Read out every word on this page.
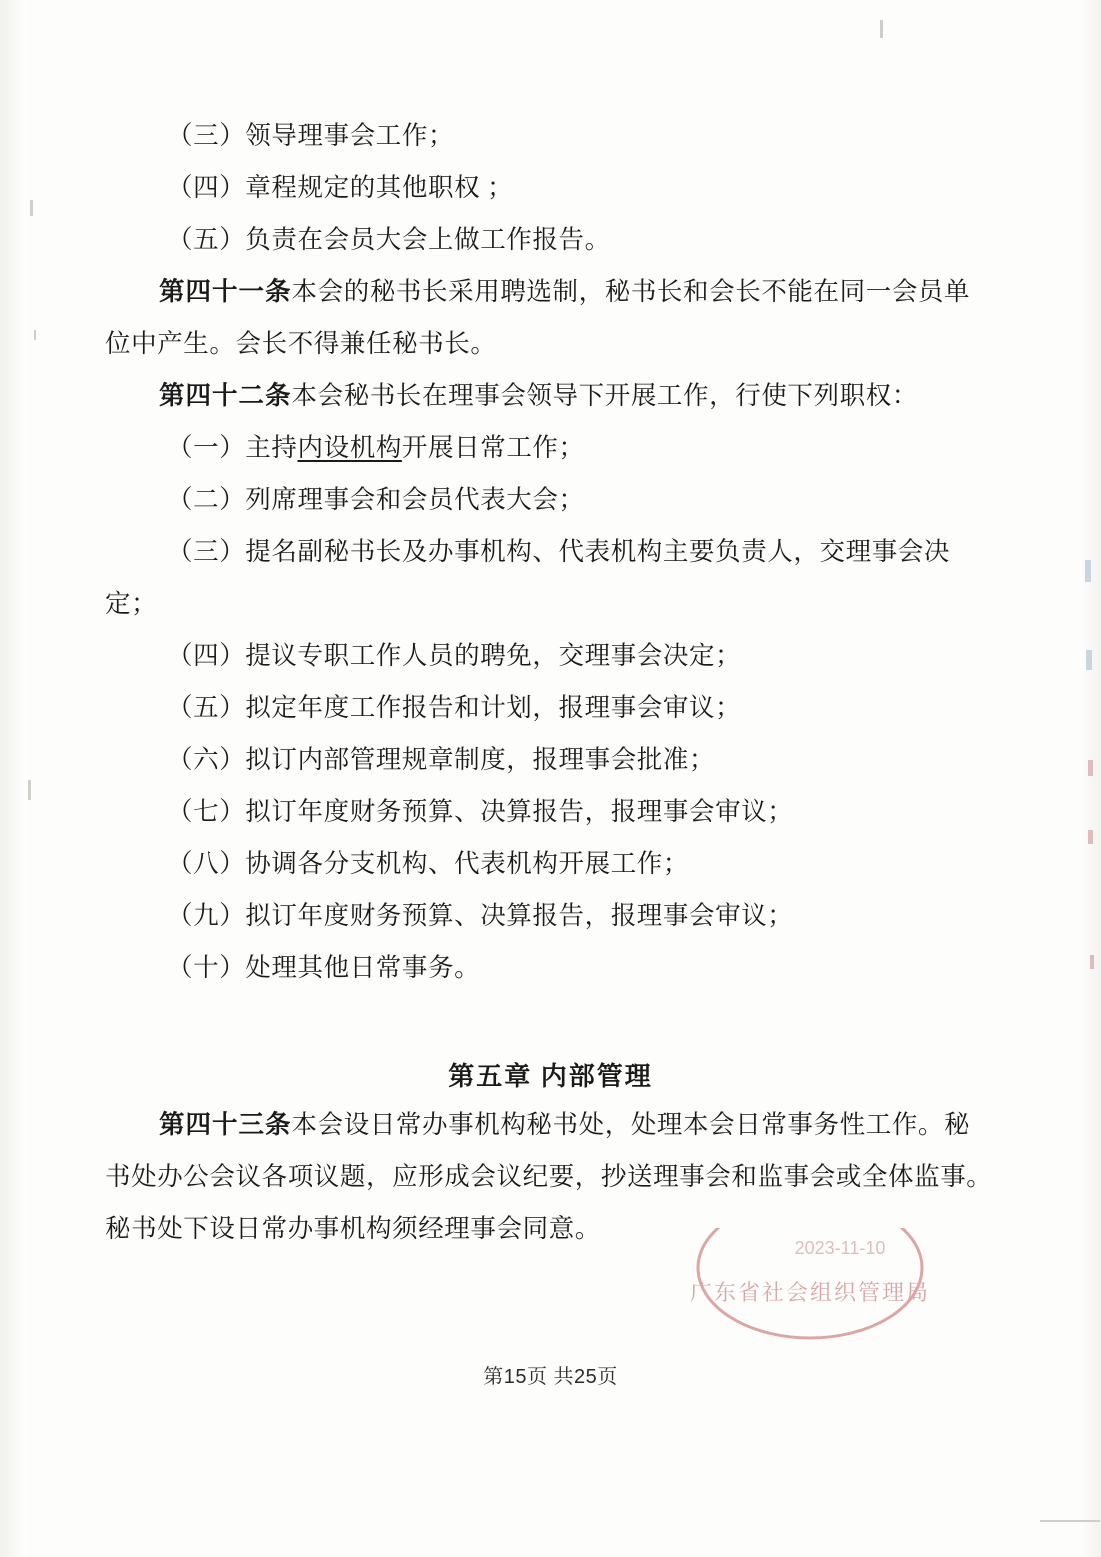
广东省社会组织管理局
2023-11-10
（三）领导理事会工作；
（四）章程规定的其他职权 ；
（五）负责在会员大会上做工作报告。
第四十一条本会的秘书长采用聘选制，秘书长和会长不能在同一会员单位中产生。会长不得兼任秘书长。
第四十二条本会秘书长在理事会领导下开展工作，行使下列职权：
（一）主持内设机构开展日常工作；
（二）列席理事会和会员代表大会；
（三）提名副秘书长及办事机构、代表机构主要负责人，交理事会决定；
（四）提议专职工作人员的聘免，交理事会决定；
（五）拟定年度工作报告和计划，报理事会审议；
（六）拟订内部管理规章制度，报理事会批准；
（七）拟订年度财务预算、决算报告，报理事会审议；
（八）协调各分支机构、代表机构开展工作；
（九）拟订年度财务预算、决算报告，报理事会审议；
（十）处理其他日常事务。
第五章 内部管理
第四十三条本会设日常办事机构秘书处，处理本会日常事务性工作。秘书处办公会议各项议题，应形成会议纪要，抄送理事会和监事会或全体监事。秘书处下设日常办事机构须经理事会同意。
第15页 共25页
